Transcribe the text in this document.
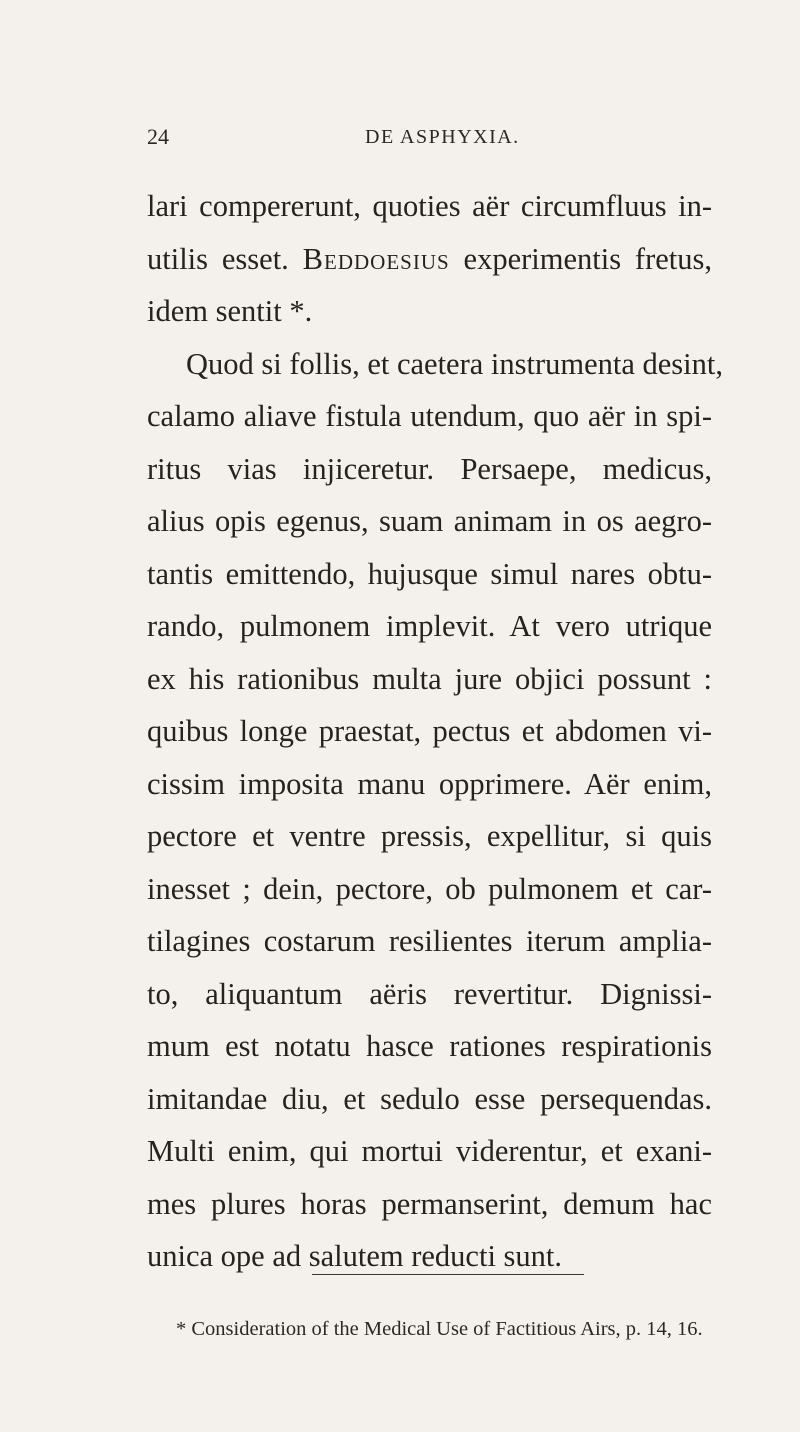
24	DE ASPHYXIA.
lari compererunt, quoties aër circumfluus in-
utilis esset. Beddoesius experimentis fretus,
idem sentit *.
Quod si follis, et caetera instrumenta desint,
calamo aliave fistula utendum, quo aër in spi-
ritus vias injiceretur. Persaepe, medicus,
alius opis egenus, suam animam in os aegro-
tantis emittendo, hujusque simul nares obtu-
rando, pulmonem implevit. At vero utrique
ex his rationibus multa jure objici possunt :
quibus longe praestat, pectus et abdomen vi-
cissim imposita manu opprimere. Aër enim,
pectore et ventre pressis, expellitur, si quis
inesset ; dein, pectore, ob pulmonem et car-
tilagines costarum resilientes iterum amplia-
to, aliquantum aëris revertitur. Dignissi-
mum est notatu hasce rationes respirationis
imitandae diu, et sedulo esse persequendas.
Multi enim, qui mortui viderentur, et exani-
mes plures horas permanserint, demum hac
unica ope ad salutem reducti sunt.
* Consideration of the Medical Use of Factitious Airs, p. 14, 16.
